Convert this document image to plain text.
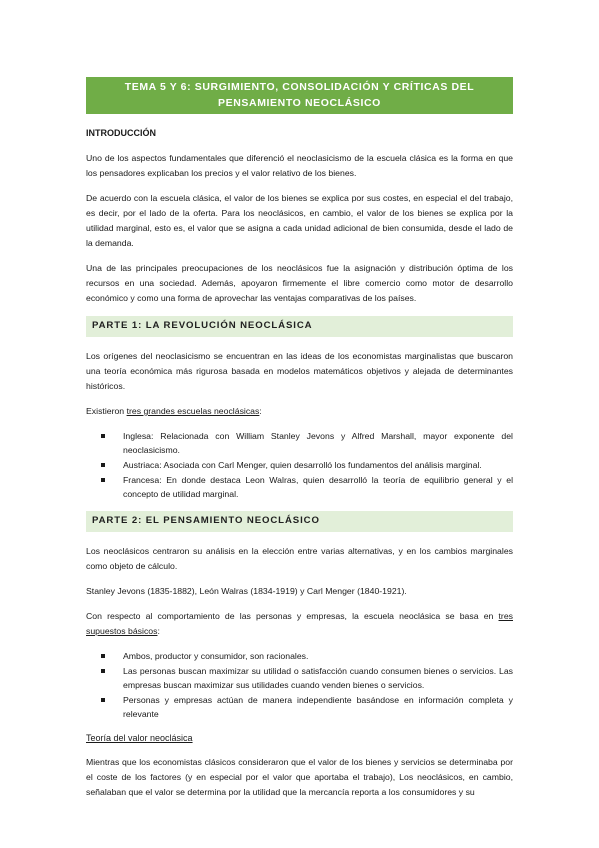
TEMA 5 Y 6: SURGIMIENTO, CONSOLIDACIÓN Y CRÍTICAS DEL PENSAMIENTO NEOCLÁSICO
INTRODUCCIÓN

Uno de los aspectos fundamentales que diferenció el neoclasicismo de la escuela clásica es la forma en que los pensadores explicaban los precios y el valor relativo de los bienes.

De acuerdo con la escuela clásica, el valor de los bienes se explica por sus costes, en especial el del trabajo, es decir, por el lado de la oferta. Para los neoclásicos, en cambio, el valor de los bienes se explica por la utilidad marginal, esto es, el valor que se asigna a cada unidad adicional de bien consumida, desde el lado de la demanda.

Una de las principales preocupaciones de los neoclásicos fue la asignación y distribución óptima de los recursos en una sociedad. Además, apoyaron firmemente el libre comercio como motor de desarrollo económico y como una forma de aprovechar las ventajas comparativas de los países.

PARTE 1: LA REVOLUCIÓN NEOCLÁSICA

Los orígenes del neoclasicismo se encuentran en las ideas de los economistas marginalistas que buscaron una teoría económica más rigurosa basada en modelos matemáticos objetivos y alejada de determinantes históricos.

Existieron tres grandes escuelas neoclásicas:

Inglesa: Relacionada con William Stanley Jevons y Alfred Marshall, mayor exponente del neoclasicismo.
Austriaca: Asociada con Carl Menger, quien desarrolló los fundamentos del análisis marginal.
Francesa: En donde destaca Leon Walras, quien desarrolló la teoría de equilibrio general y el concepto de utilidad marginal.
PARTE 2: EL PENSAMIENTO NEOCLÁSICO

Los neoclásicos centraron su análisis en la elección entre varias alternativas, y en los cambios marginales como objeto de cálculo.

Stanley Jevons (1835-1882), León Walras (1834-1919) y Carl Menger (1840-1921).

Con respecto al comportamiento de las personas y empresas, la escuela neoclásica se basa en tres supuestos básicos:

Ambos, productor y consumidor, son racionales.
Las personas buscan maximizar su utilidad o satisfacción cuando consumen bienes o servicios. Las empresas buscan maximizar sus utilidades cuando venden bienes o servicios.
Personas y empresas actúan de manera independiente basándose en información completa y relevante
Teoría del valor neoclásica

Mientras que los economistas clásicos consideraron que el valor de los bienes y servicios se determinaba por el coste de los factores (y en especial por el valor que aportaba el trabajo), Los neoclásicos, en cambio, señalaban que el valor se determina por la utilidad que la mercancía reporta a los consumidores y su
